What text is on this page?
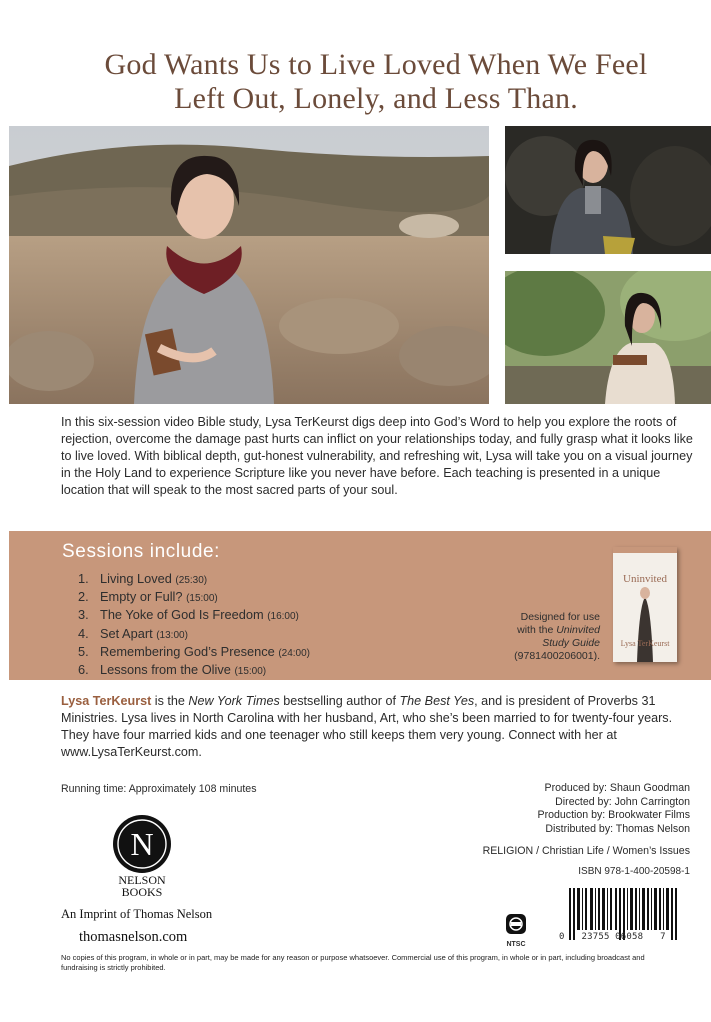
God Wants Us to Live Loved When We Feel
Left Out, Lonely, and Less Than.

In this six-session video Bible study, Lysa TerKeurst digs deep into God’s Word to help you explore the roots of rejection, overcome the damage past hurts can inflict on your relationships today, and fully grasp what it looks like to live loved. With biblical depth, gut-honest vulnerability, and refreshing wit, Lysa will take you on a visual journey in the Holy Land to experience Scripture like you never have before. Each teaching is presented in a unique location that will speak to the most sacred parts of your soul.

Sessions include:
1. Living Loved (25:30)
2. Empty or Full? (15:00)
3. The Yoke of God Is Freedom (16:00)
4. Set Apart (13:00)
5. Remembering God’s Presence (24:00)
6. Lessons from the Olive (15:00)
Designed for use
with the Uninvited
Study Guide
(9781400206001).
Uninvited
Lysa TerKeurst

Lysa TerKeurst is the New York Times bestselling author of The Best Yes, and is president of Proverbs 31 Ministries. Lysa lives in North Carolina with her husband, Art, who she’s been married to for twenty-four years. They have four married kids and one teenager who still keeps them very young. Connect with her at www.LysaTerKeurst.com.

Running time: Approximately 108 minutes	Produced by: Shaun Goodman
Directed by: John Carrington
Production by: Brookwater Films
Distributed by: Thomas Nelson
RELIGION / Christian Life / Women’s Issues
ISBN 978-1-400-20598-1
N
NELSON
BOOKS
An Imprint of Thomas Nelson
thomasnelson.com	NTSC
0   23755 06058   7
No copies of this program, in whole or in part, may be made for any reason or purpose whatsoever. Commercial use of this program, in whole or in part, including broadcast and fundraising is strictly prohibited.
